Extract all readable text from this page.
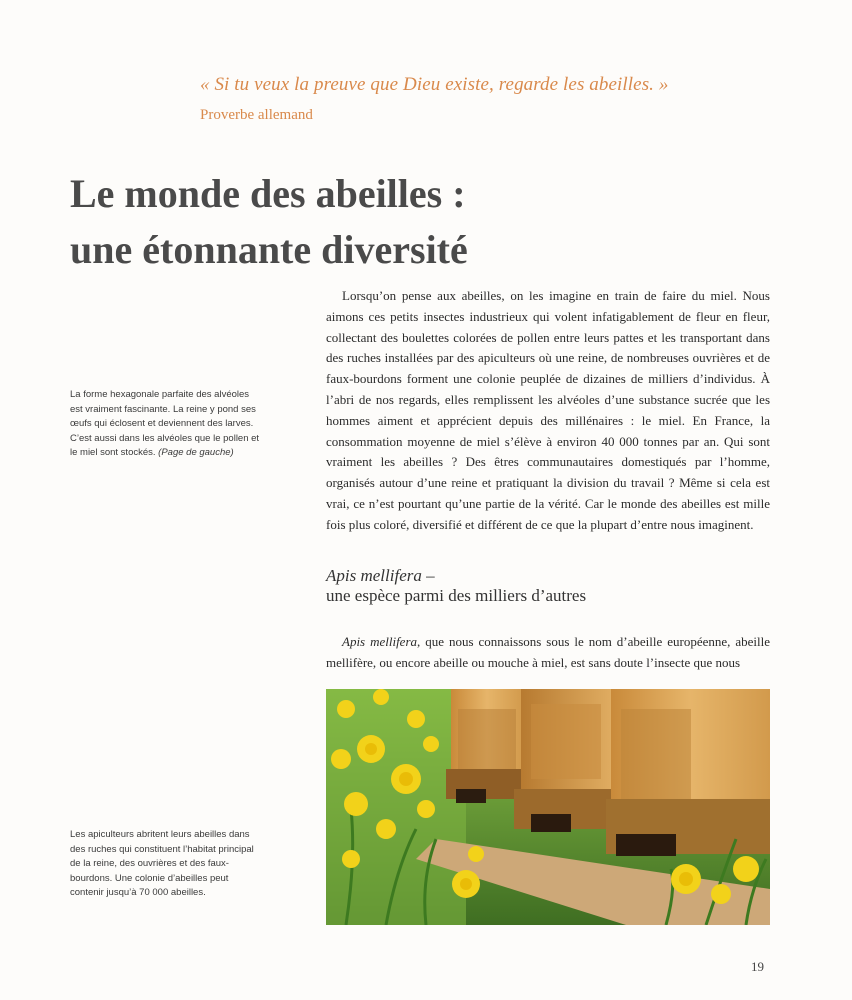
« Si tu veux la preuve que Dieu existe, regarde les abeilles. »
Proverbe allemand
Le monde des abeilles :
une étonnante diversité
La forme hexagonale parfaite des alvéoles est vraiment fascinante. La reine y pond ses œufs qui éclosent et deviennent des larves. C’est aussi dans les alvéoles que le pollen et le miel sont stockés. (Page de gauche)
Lorsqu’on pense aux abeilles, on les imagine en train de faire du miel. Nous aimons ces petits insectes industrieux qui volent infatigablement de fleur en fleur, collectant des boulettes colorées de pollen entre leurs pattes et les transportant dans des ruches installées par des apiculteurs où une reine, de nombreuses ouvrières et de faux-bourdons forment une colonie peuplée de dizaines de milliers d’individus. À l’abri de nos regards, elles remplissent les alvéoles d’une substance sucrée que les hommes aiment et apprécient depuis des millénaires : le miel. En France, la consommation moyenne de miel s’élève à environ 40 000 tonnes par an. Qui sont vraiment les abeilles ? Des êtres communautaires domestiqués par l’homme, organisés autour d’une reine et pratiquant la division du travail ? Même si cela est vrai, ce n’est pourtant qu’une partie de la vérité. Car le monde des abeilles est mille fois plus coloré, diversifié et différent de ce que la plupart d’entre nous imaginent.
Apis mellifera –
une espèce parmi des milliers d’autres
Apis mellifera, que nous connaissons sous le nom d’abeille européenne, abeille mellifère, ou encore abeille ou mouche à miel, est sans doute l’insecte que nous
Les apiculteurs abritent leurs abeilles dans des ruches qui constituent l’habitat principal de la reine, des ouvrières et des faux-bourdons. Une colonie d’abeilles peut contenir jusqu’à 70 000 abeilles.
19
